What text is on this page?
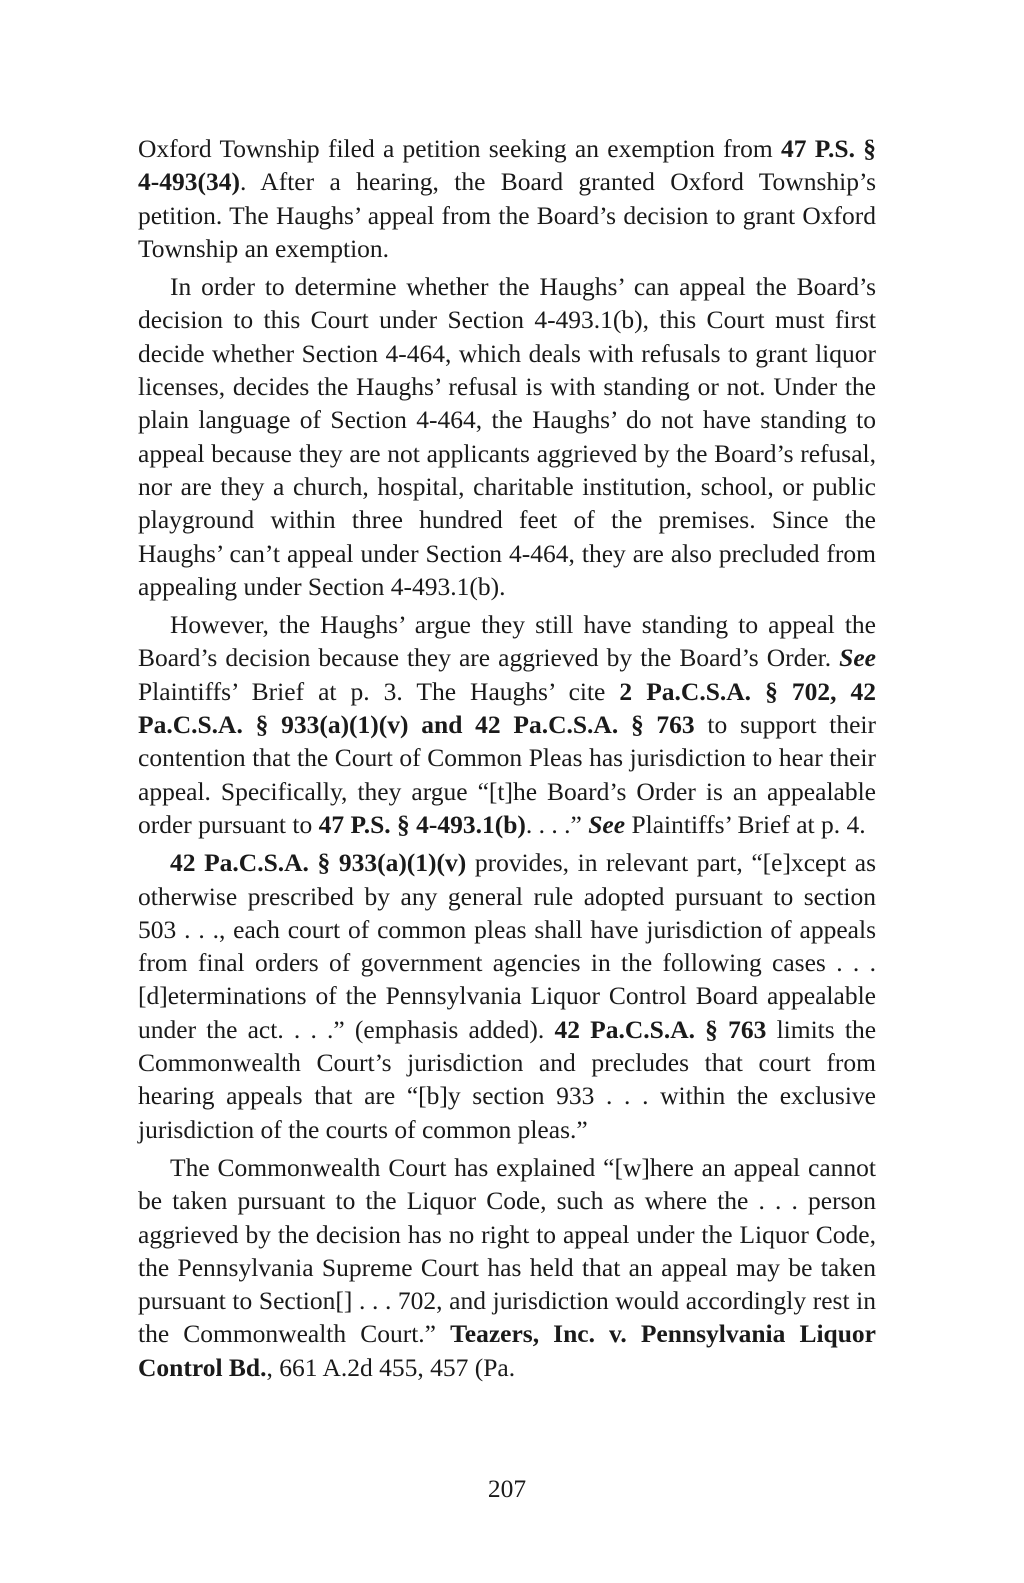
Oxford Township filed a petition seeking an exemption from 47 P.S. § 4-493(34). After a hearing, the Board granted Oxford Township’s petition. The Haughs’ appeal from the Board’s decision to grant Oxford Township an exemption.

In order to determine whether the Haughs’ can appeal the Board’s decision to this Court under Section 4-493.1(b), this Court must first decide whether Section 4-464, which deals with refusals to grant liquor licenses, decides the Haughs’ refusal is with standing or not. Under the plain language of Section 4-464, the Haughs’ do not have standing to appeal because they are not applicants aggrieved by the Board’s refusal, nor are they a church, hospital, charitable institution, school, or public playground within three hundred feet of the premises. Since the Haughs’ can’t appeal under Section 4-464, they are also precluded from appealing under Section 4-493.1(b).

However, the Haughs’ argue they still have standing to appeal the Board’s decision because they are aggrieved by the Board’s Order. See Plaintiffs’ Brief at p. 3. The Haughs’ cite 2 Pa.C.S.A. § 702, 42 Pa.C.S.A. § 933(a)(1)(v) and 42 Pa.C.S.A. § 763 to support their contention that the Court of Common Pleas has jurisdiction to hear their appeal. Specifically, they argue “[t]he Board’s Order is an appealable order pursuant to 47 P.S. § 4-493.1(b). . . .” See Plaintiffs’ Brief at p. 4.

42 Pa.C.S.A. § 933(a)(1)(v) provides, in relevant part, “[e]xcept as otherwise prescribed by any general rule adopted pursuant to section 503 . . ., each court of common pleas shall have jurisdiction of appeals from final orders of government agencies in the following cases . . . [d]eterminations of the Pennsylvania Liquor Control Board appealable under the act. . . .” (emphasis added). 42 Pa.C.S.A. § 763 limits the Commonwealth Court’s jurisdiction and precludes that court from hearing appeals that are “[b]y section 933 . . . within the exclusive jurisdiction of the courts of common pleas.”

The Commonwealth Court has explained “[w]here an appeal cannot be taken pursuant to the Liquor Code, such as where the . . . person aggrieved by the decision has no right to appeal under the Liquor Code, the Pennsylvania Supreme Court has held that an appeal may be taken pursuant to Section[] . . . 702, and jurisdiction would accordingly rest in the Commonwealth Court.” Teazers, Inc. v. Pennsylvania Liquor Control Bd., 661 A.2d 455, 457 (Pa.

207
